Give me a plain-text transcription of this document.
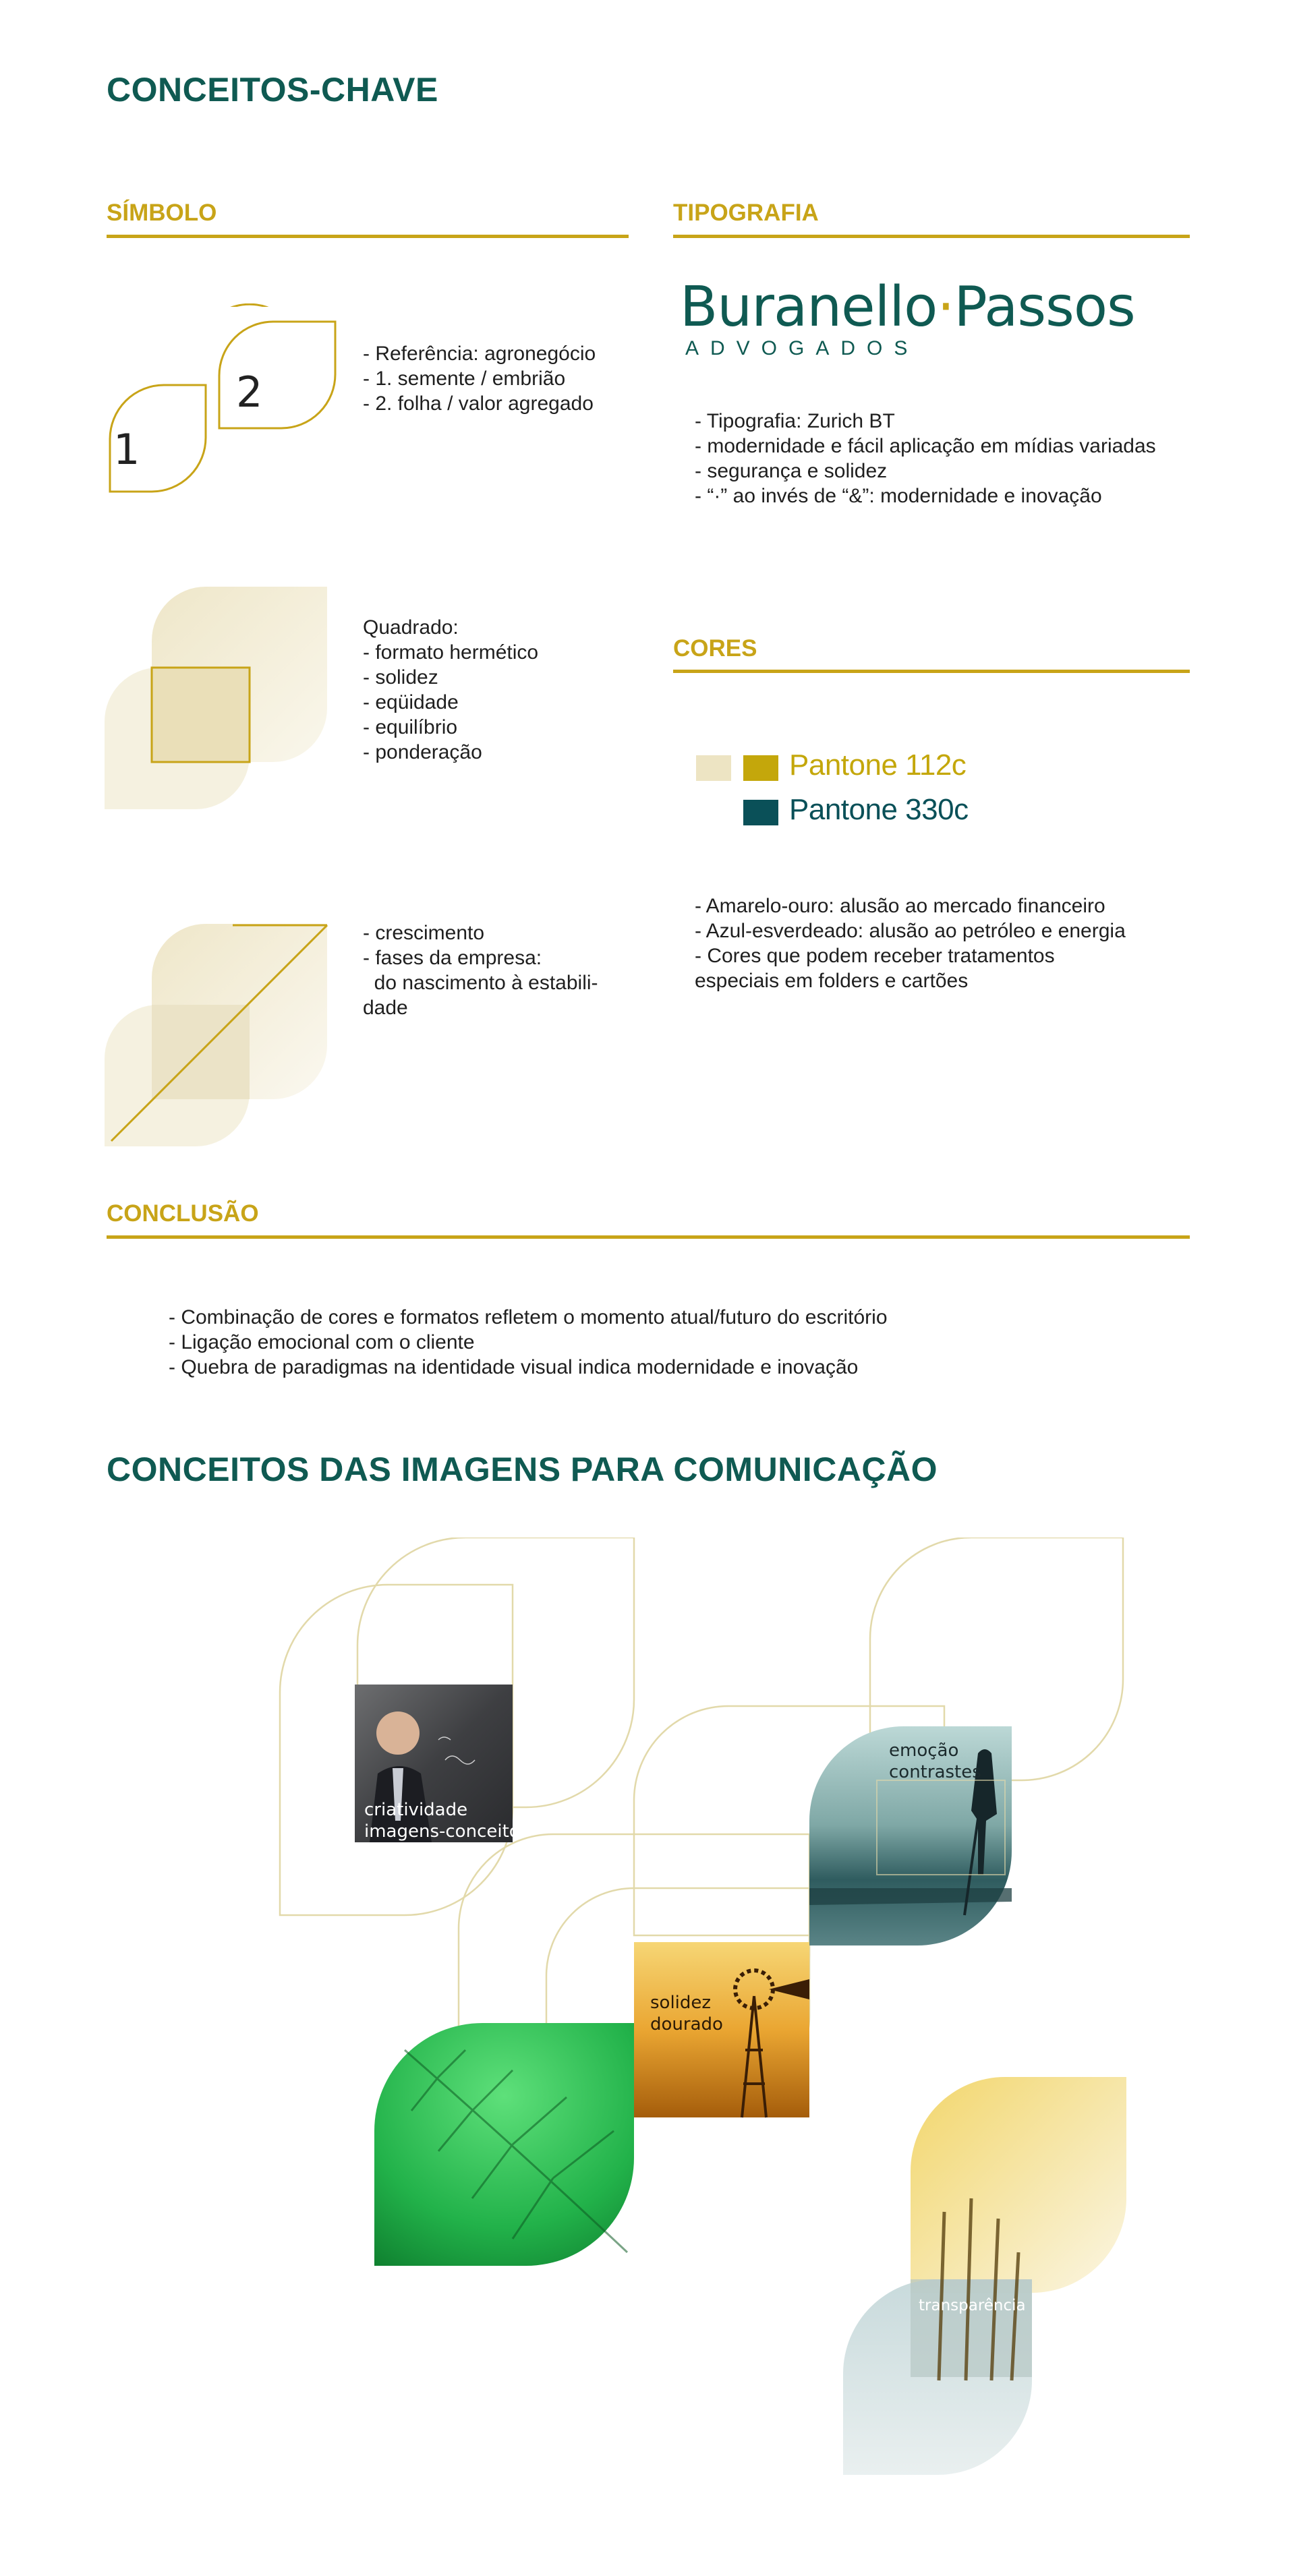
CONCEITOS-CHAVE
SÍMBOLO
1
2
- Referência: agronegócio
- 1. semente / embrião
- 2. folha / valor agregado
Quadrado:
- formato hermético
- solidez
- eqüidade
- equilíbrio
- ponderação
- crescimento
- fases da empresa:
do nascimento à estabili-
dade
TIPOGRAFIA
Buranello·Passos
ADVOGADOS
- Tipografia: Zurich BT
- modernidade e fácil aplicação em mídias variadas
- segurança e solidez
- “·” ao invés de “&”: modernidade e inovação
CORES
Pantone 112c
Pantone 330c
- Amarelo-ouro: alusão ao mercado financeiro
- Azul-esverdeado: alusão ao petróleo e energia
- Cores que podem receber tratamentos
especiais em folders e cartões
CONCLUSÃO
- Combinação de cores e formatos refletem o momento atual/futuro do escritório
- Ligação emocional com o cliente
- Quebra de paradigmas na identidade visual indica modernidade e inovação
CONCEITOS DAS IMAGENS PARA COMUNICAÇÃO
criatividade
imagens-conceito
emoção
contrastes
solidez
dourado
proximidade
texturas
transparência
